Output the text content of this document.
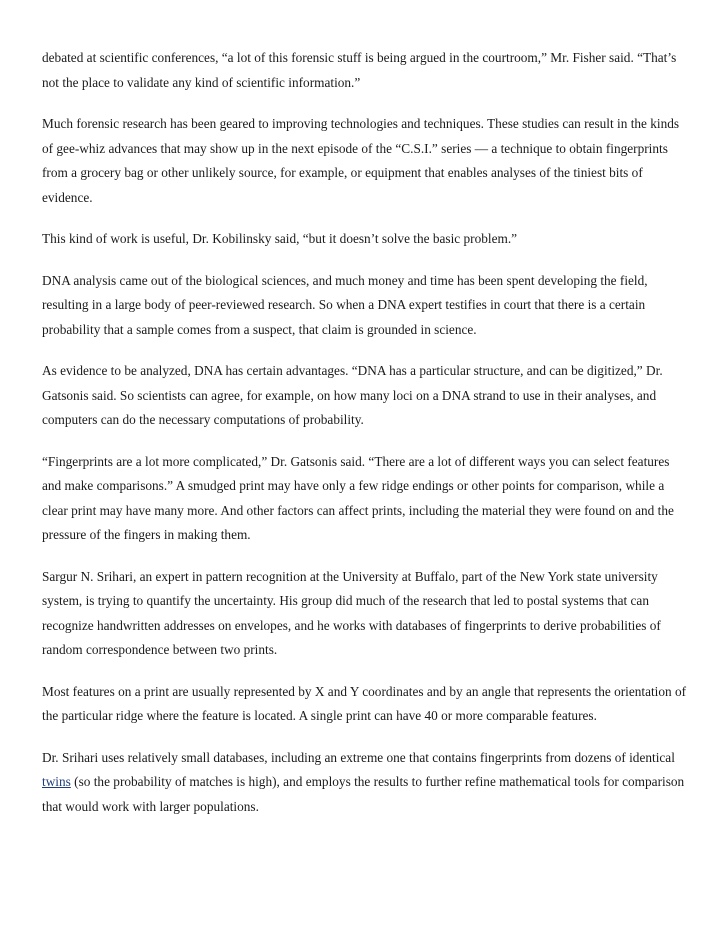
debated at scientific conferences, “a lot of this forensic stuff is being argued in the courtroom,” Mr. Fisher said. “That’s not the place to validate any kind of scientific information.”

Much forensic research has been geared to improving technologies and techniques. These studies can result in the kinds of gee-whiz advances that may show up in the next episode of the “C.S.I.” series — a technique to obtain fingerprints from a grocery bag or other unlikely source, for example, or equipment that enables analyses of the tiniest bits of evidence.

This kind of work is useful, Dr. Kobilinsky said, “but it doesn’t solve the basic problem.”

DNA analysis came out of the biological sciences, and much money and time has been spent developing the field, resulting in a large body of peer-reviewed research. So when a DNA expert testifies in court that there is a certain probability that a sample comes from a suspect, that claim is grounded in science.

As evidence to be analyzed, DNA has certain advantages. “DNA has a particular structure, and can be digitized,” Dr. Gatsonis said. So scientists can agree, for example, on how many loci on a DNA strand to use in their analyses, and computers can do the necessary computations of probability.

“Fingerprints are a lot more complicated,” Dr. Gatsonis said. “There are a lot of different ways you can select features and make comparisons.” A smudged print may have only a few ridge endings or other points for comparison, while a clear print may have many more. And other factors can affect prints, including the material they were found on and the pressure of the fingers in making them.

Sargur N. Srihari, an expert in pattern recognition at the University at Buffalo, part of the New York state university system, is trying to quantify the uncertainty. His group did much of the research that led to postal systems that can recognize handwritten addresses on envelopes, and he works with databases of fingerprints to derive probabilities of random correspondence between two prints.

Most features on a print are usually represented by X and Y coordinates and by an angle that represents the orientation of the particular ridge where the feature is located. A single print can have 40 or more comparable features.

Dr. Srihari uses relatively small databases, including an extreme one that contains fingerprints from dozens of identical twins (so the probability of matches is high), and employs the results to further refine mathematical tools for comparison that would work with larger populations.
